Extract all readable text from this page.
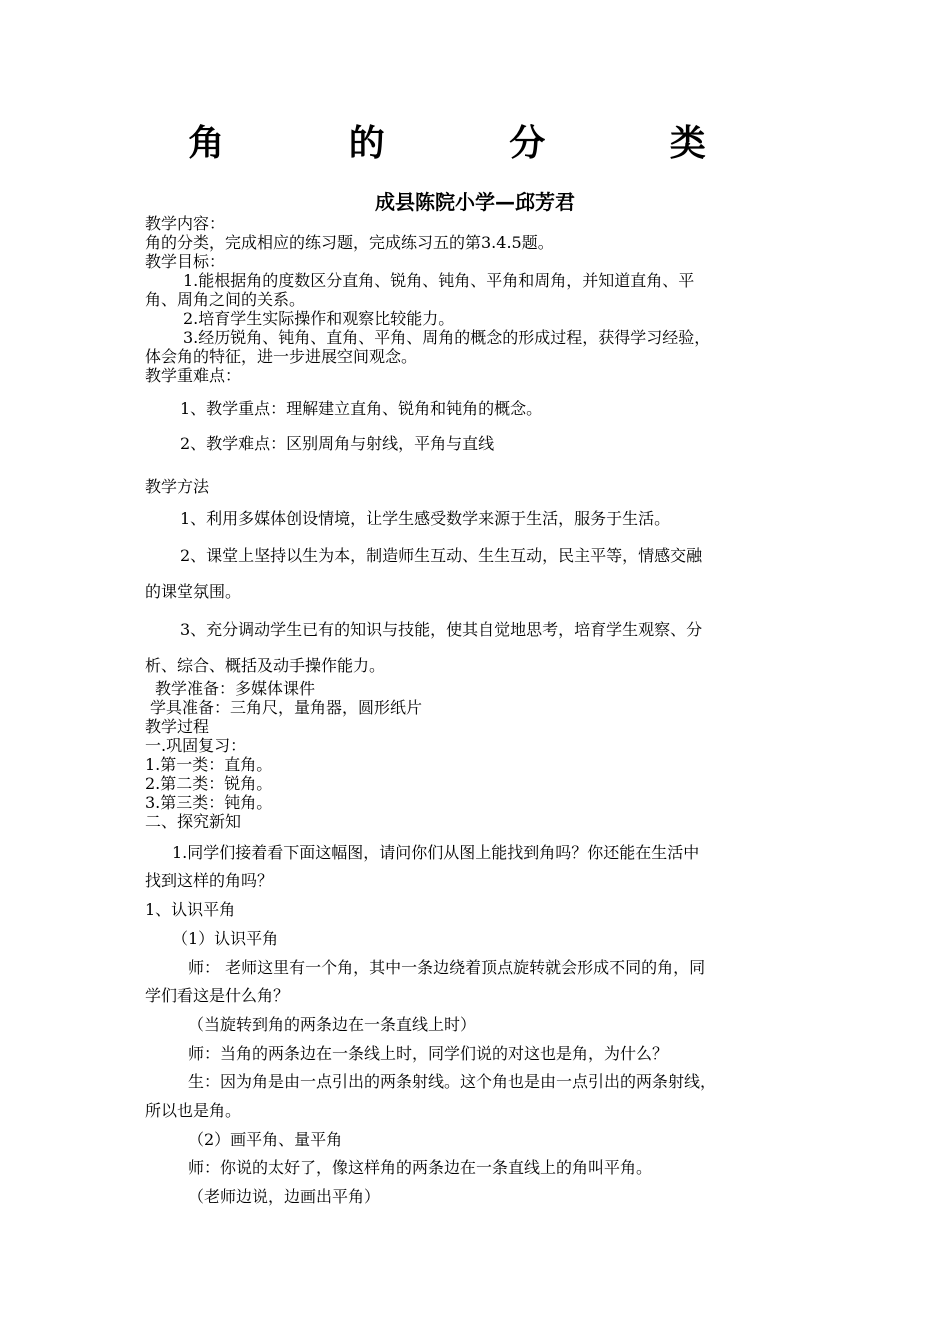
角 的 分 类
成县陈院小学—邱芳君
教学内容：
角的分类，完成相应的练习题，完成练习五的第3.4.5题。
教学目标：
1.能根据角的度数区分直角、锐角、钝角、平角和周角，并知道直角、平
角、周角之间的关系。
2.培育学生实际操作和观察比较能力。
3.经历锐角、钝角、直角、平角、周角的概念的形成过程，获得学习经验，
体会角的特征，进一步进展空间观念。
教学重难点：
1、教学重点：理解建立直角、锐角和钝角的概念。
2、教学难点：区别周角与射线，平角与直线
教学方法
1、利用多媒体创设情境，让学生感受数学来源于生活，服务于生活。
2、课堂上坚持以生为本，制造师生互动、生生互动，民主平等，情感交融
的课堂氛围。
3、充分调动学生已有的知识与技能，使其自觉地思考，培育学生观察、分
析、综合、概括及动手操作能力。
教学准备：多媒体课件
学具准备：三角尺，量角器，圆形纸片
教学过程
一.巩固复习：
1.第一类：直角。
2.第二类：锐角。
3.第三类：钝角。
二、探究新知
1.同学们接着看下面这幅图，请问你们从图上能找到角吗？你还能在生活中
找到这样的角吗？
1、认识平角
（1）认识平角
师： 老师这里有一个角，其中一条边绕着顶点旋转就会形成不同的角，同
学们看这是什么角？
（当旋转到角的两条边在一条直线上时）
师：当角的两条边在一条线上时，同学们说的对这也是角，为什么？
生：因为角是由一点引出的两条射线。这个角也是由一点引出的两条射线，
所以也是角。
（2）画平角、量平角
师：你说的太好了，像这样角的两条边在一条直线上的角叫平角。
（老师边说，边画出平角）
